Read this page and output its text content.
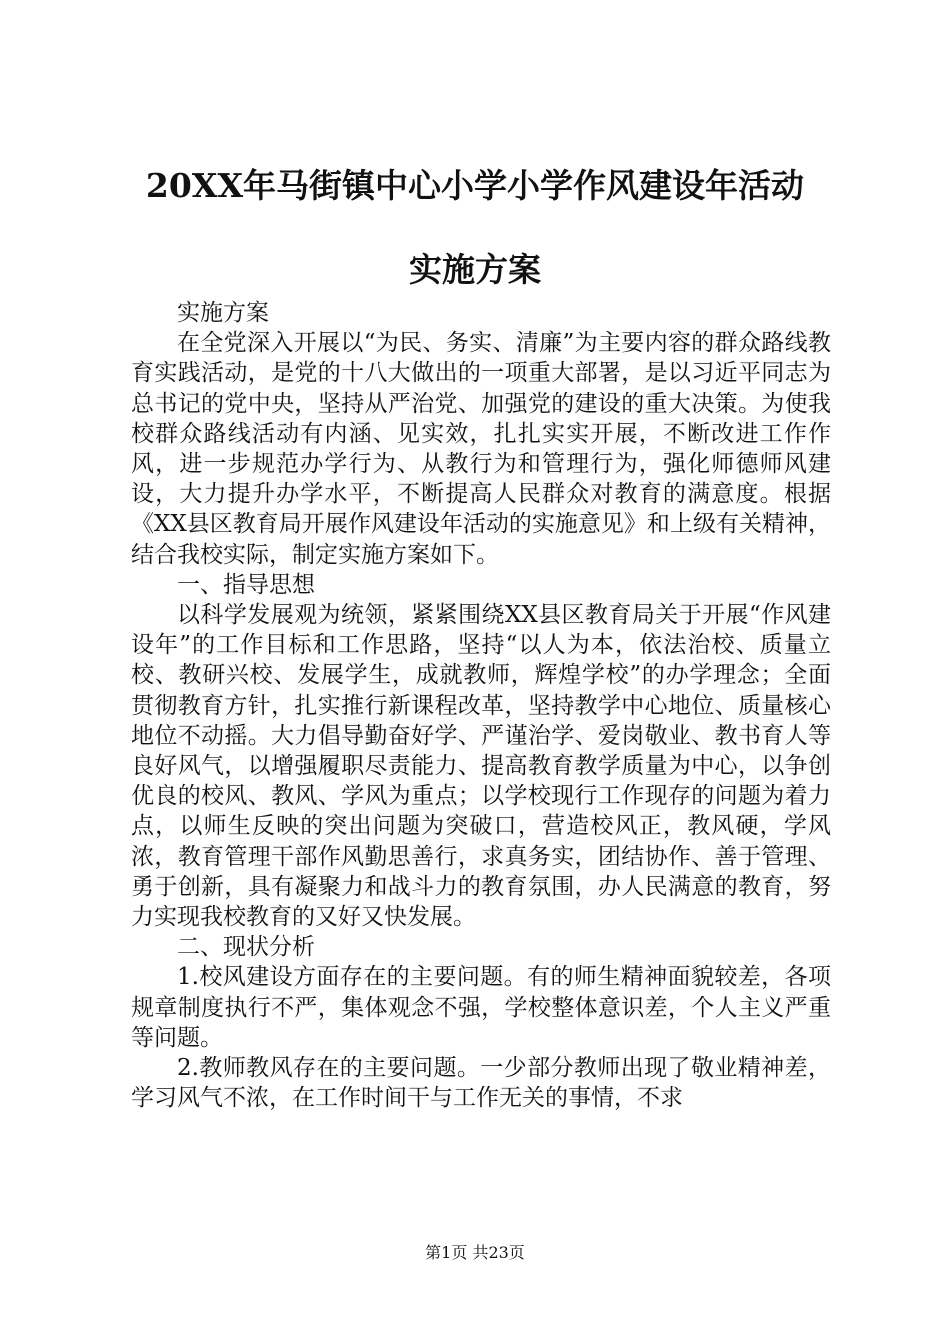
20XX年马街镇中心小学小学作风建设年活动
实施方案

实施方案

在全党深入开展以“为民、务实、清廉”为主要内容的群众路线教育实践活动，是党的十八大做出的一项重大部署，是以习近平同志为总书记的党中央，坚持从严治党、加强党的建设的重大决策。为使我校群众路线活动有内涵、见实效，扎扎实实开展，不断改进工作作风，进一步规范办学行为、从教行为和管理行为，强化师德师风建设，大力提升办学水平，不断提高人民群众对教育的满意度。根据《XX县区教育局开展作风建设年活动的实施意见》和上级有关精神，结合我校实际，制定实施方案如下。

一、指导思想

以科学发展观为统领，紧紧围绕XX县区教育局关于开展“作风建设年”的工作目标和工作思路，坚持“以人为本，依法治校、质量立校、教研兴校、发展学生，成就教师，辉煌学校”的办学理念；全面贯彻教育方针，扎实推行新课程改革，坚持教学中心地位、质量核心地位不动摇。大力倡导勤奋好学、严谨治学、爱岗敬业、教书育人等良好风气，以增强履职尽责能力、提高教育教学质量为中心，以争创优良的校风、教风、学风为重点；以学校现行工作现存的问题为着力点，以师生反映的突出问题为突破口，营造校风正，教风硬，学风浓，教育管理干部作风勤思善行，求真务实，团结协作、善于管理、勇于创新，具有凝聚力和战斗力的教育氛围，办人民满意的教育，努力实现我校教育的又好又快发展。

二、现状分析

1.校风建设方面存在的主要问题。有的师生精神面貌较差，各项规章制度执行不严，集体观念不强，学校整体意识差，个人主义严重等问题。

2.教师教风存在的主要问题。一少部分教师出现了敬业精神差，学习风气不浓，在工作时间干与工作无关的事情，不求

第1页 共23页
